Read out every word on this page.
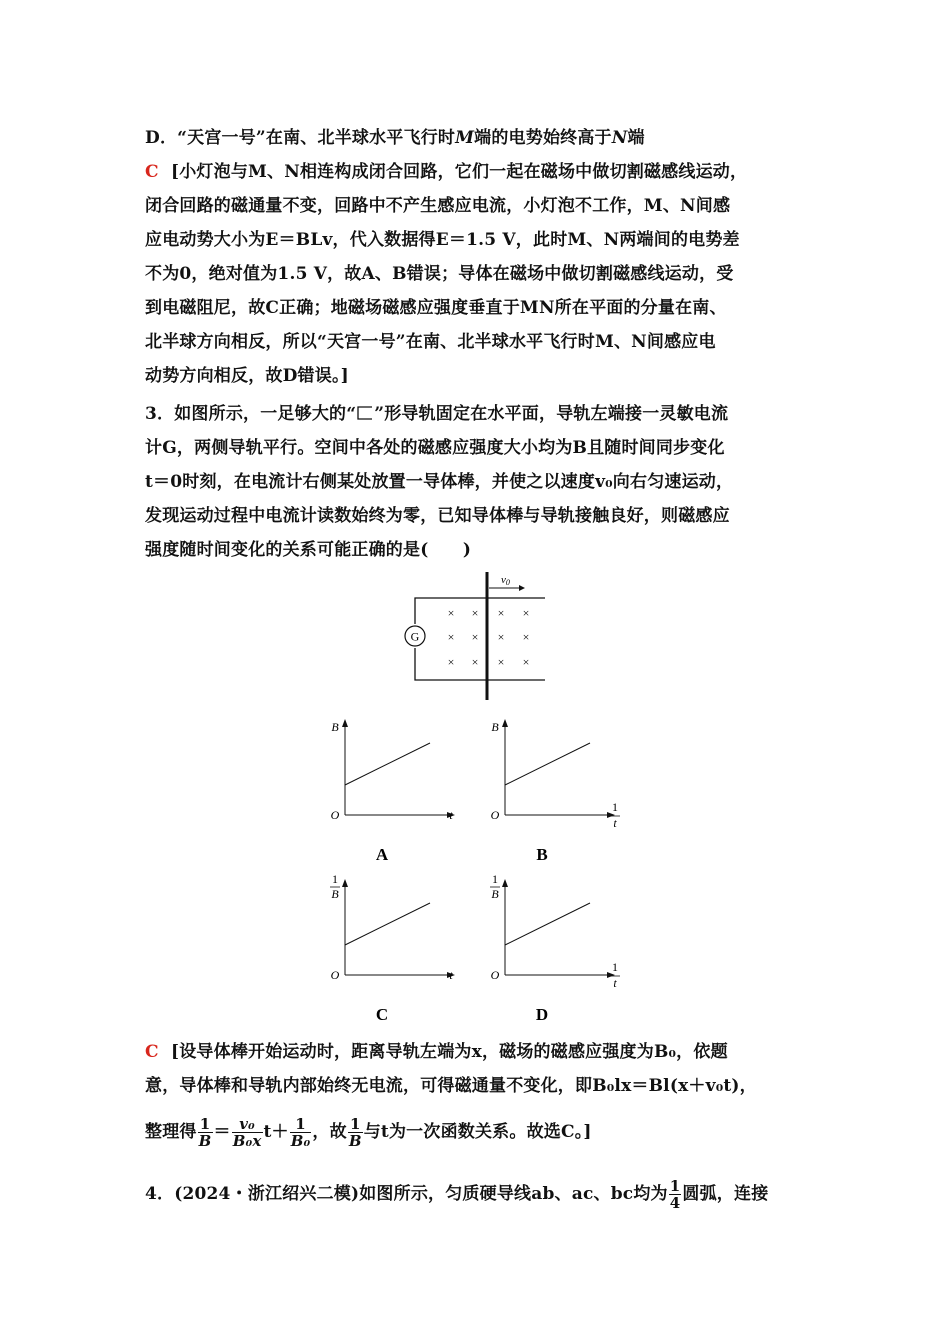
D．“天宫一号”在南、北半球水平飞行时M端的电势始终高于N端
C [小灯泡与M、N相连构成闭合回路，它们一起在磁场中做切割磁感线运动，
闭合回路的磁通量不变，回路中不产生感应电流，小灯泡不工作，M、N间感
应电动势大小为E＝BLv，代入数据得E＝1.5 V，此时M、N两端间的电势差
不为0，绝对值为1.5 V，故A、B错误；导体在磁场中做切割磁感线运动，受
到电磁阻尼，故C正确；地磁场磁感应强度垂直于MN所在平面的分量在南、
北半球方向相反，所以“天宫一号”在南、北半球水平飞行时M、N间感应电
动势方向相反，故D错误。]
3．如图所示，一足够大的“ ”形导轨固定在水平面，导轨左端接一灵敏电流
计G，两侧导轨平行。空间中各处的磁感应强度大小均为B且随时间同步变化
t＝0时刻，在电流计右侧某处放置一导体棒，并使之以速度v₀向右匀速运动，
发现运动过程中电流计读数始终为零，已知导体棒与导轨接触良好，则磁感应
强度随时间变化的关系可能正确的是(　　)
G
v0
× × × ×
× × × ×
× × × ×
O
B
t
A
O
B
1
t
B
O
1
B
t
C
O
1
B
1
t
D
C [设导体棒开始运动时，距离导轨左端为x，磁场的磁感应强度为B₀，依题
意，导体棒和导轨内部始终无电流，可得磁通量不变化，即B₀lx＝Bl(x＋v₀t)，
整理得 $\frac{1}{B} = \frac{\text{v₀}}{\text{B₀x}} t+ \frac{1}{\text{B₀}}$ ，故 $\frac{1}{B}$ 与t为一次函数关系。故选C。]
4．(2024・浙江绍兴二模)如图所示，匀质硬导线ab、ac、bc均为 $\frac{1}{4}$ 圆弧，连接
